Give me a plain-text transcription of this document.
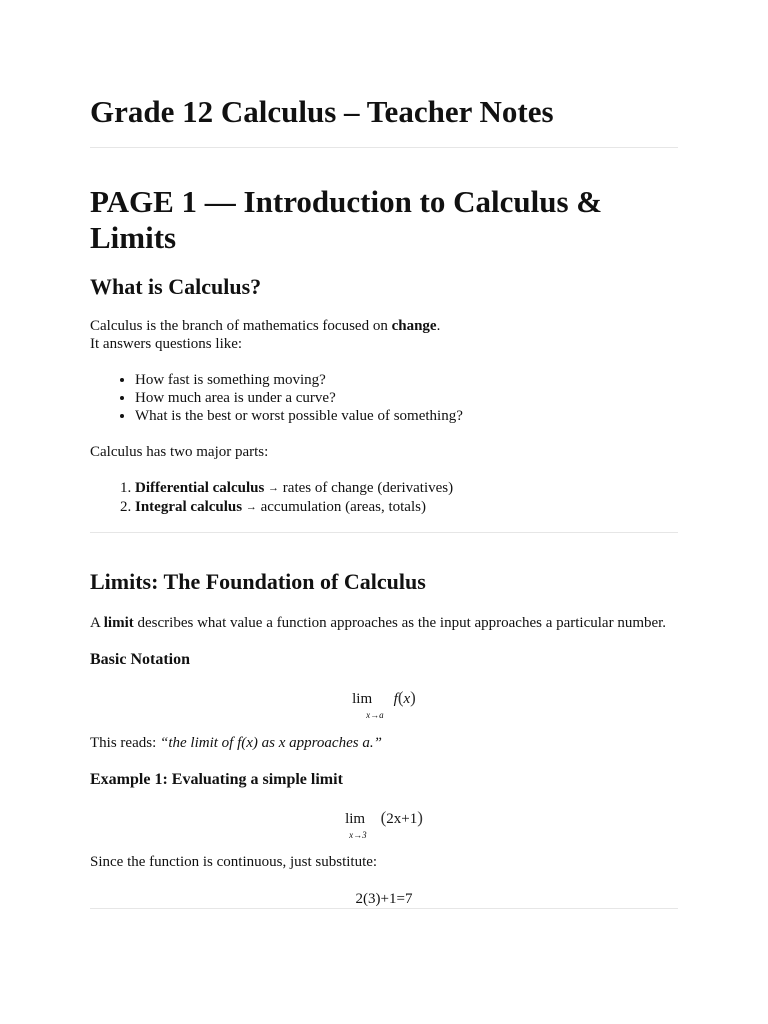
Grade 12 Calculus – Teacher Notes
PAGE 1 — Introduction to Calculus & Limits
What is Calculus?
Calculus is the branch of mathematics focused on change.
It answers questions like:
• How fast is something moving?
• How much area is under a curve?
• What is the best or worst possible value of something?
Calculus has two major parts:
1. Differential calculus → rates of change (derivatives)
2. Integral calculus → accumulation (areas, totals)
Limits: The Foundation of Calculus
A limit describes what value a function approaches as the input approaches a particular number.
Basic Notation
lim
x→a
f(x)
This reads: “the limit of f(x) as x approaches a.”
Example 1: Evaluating a simple limit
lim
x→3
(2x+1)
Since the function is continuous, just substitute:
2(3)+1=7
